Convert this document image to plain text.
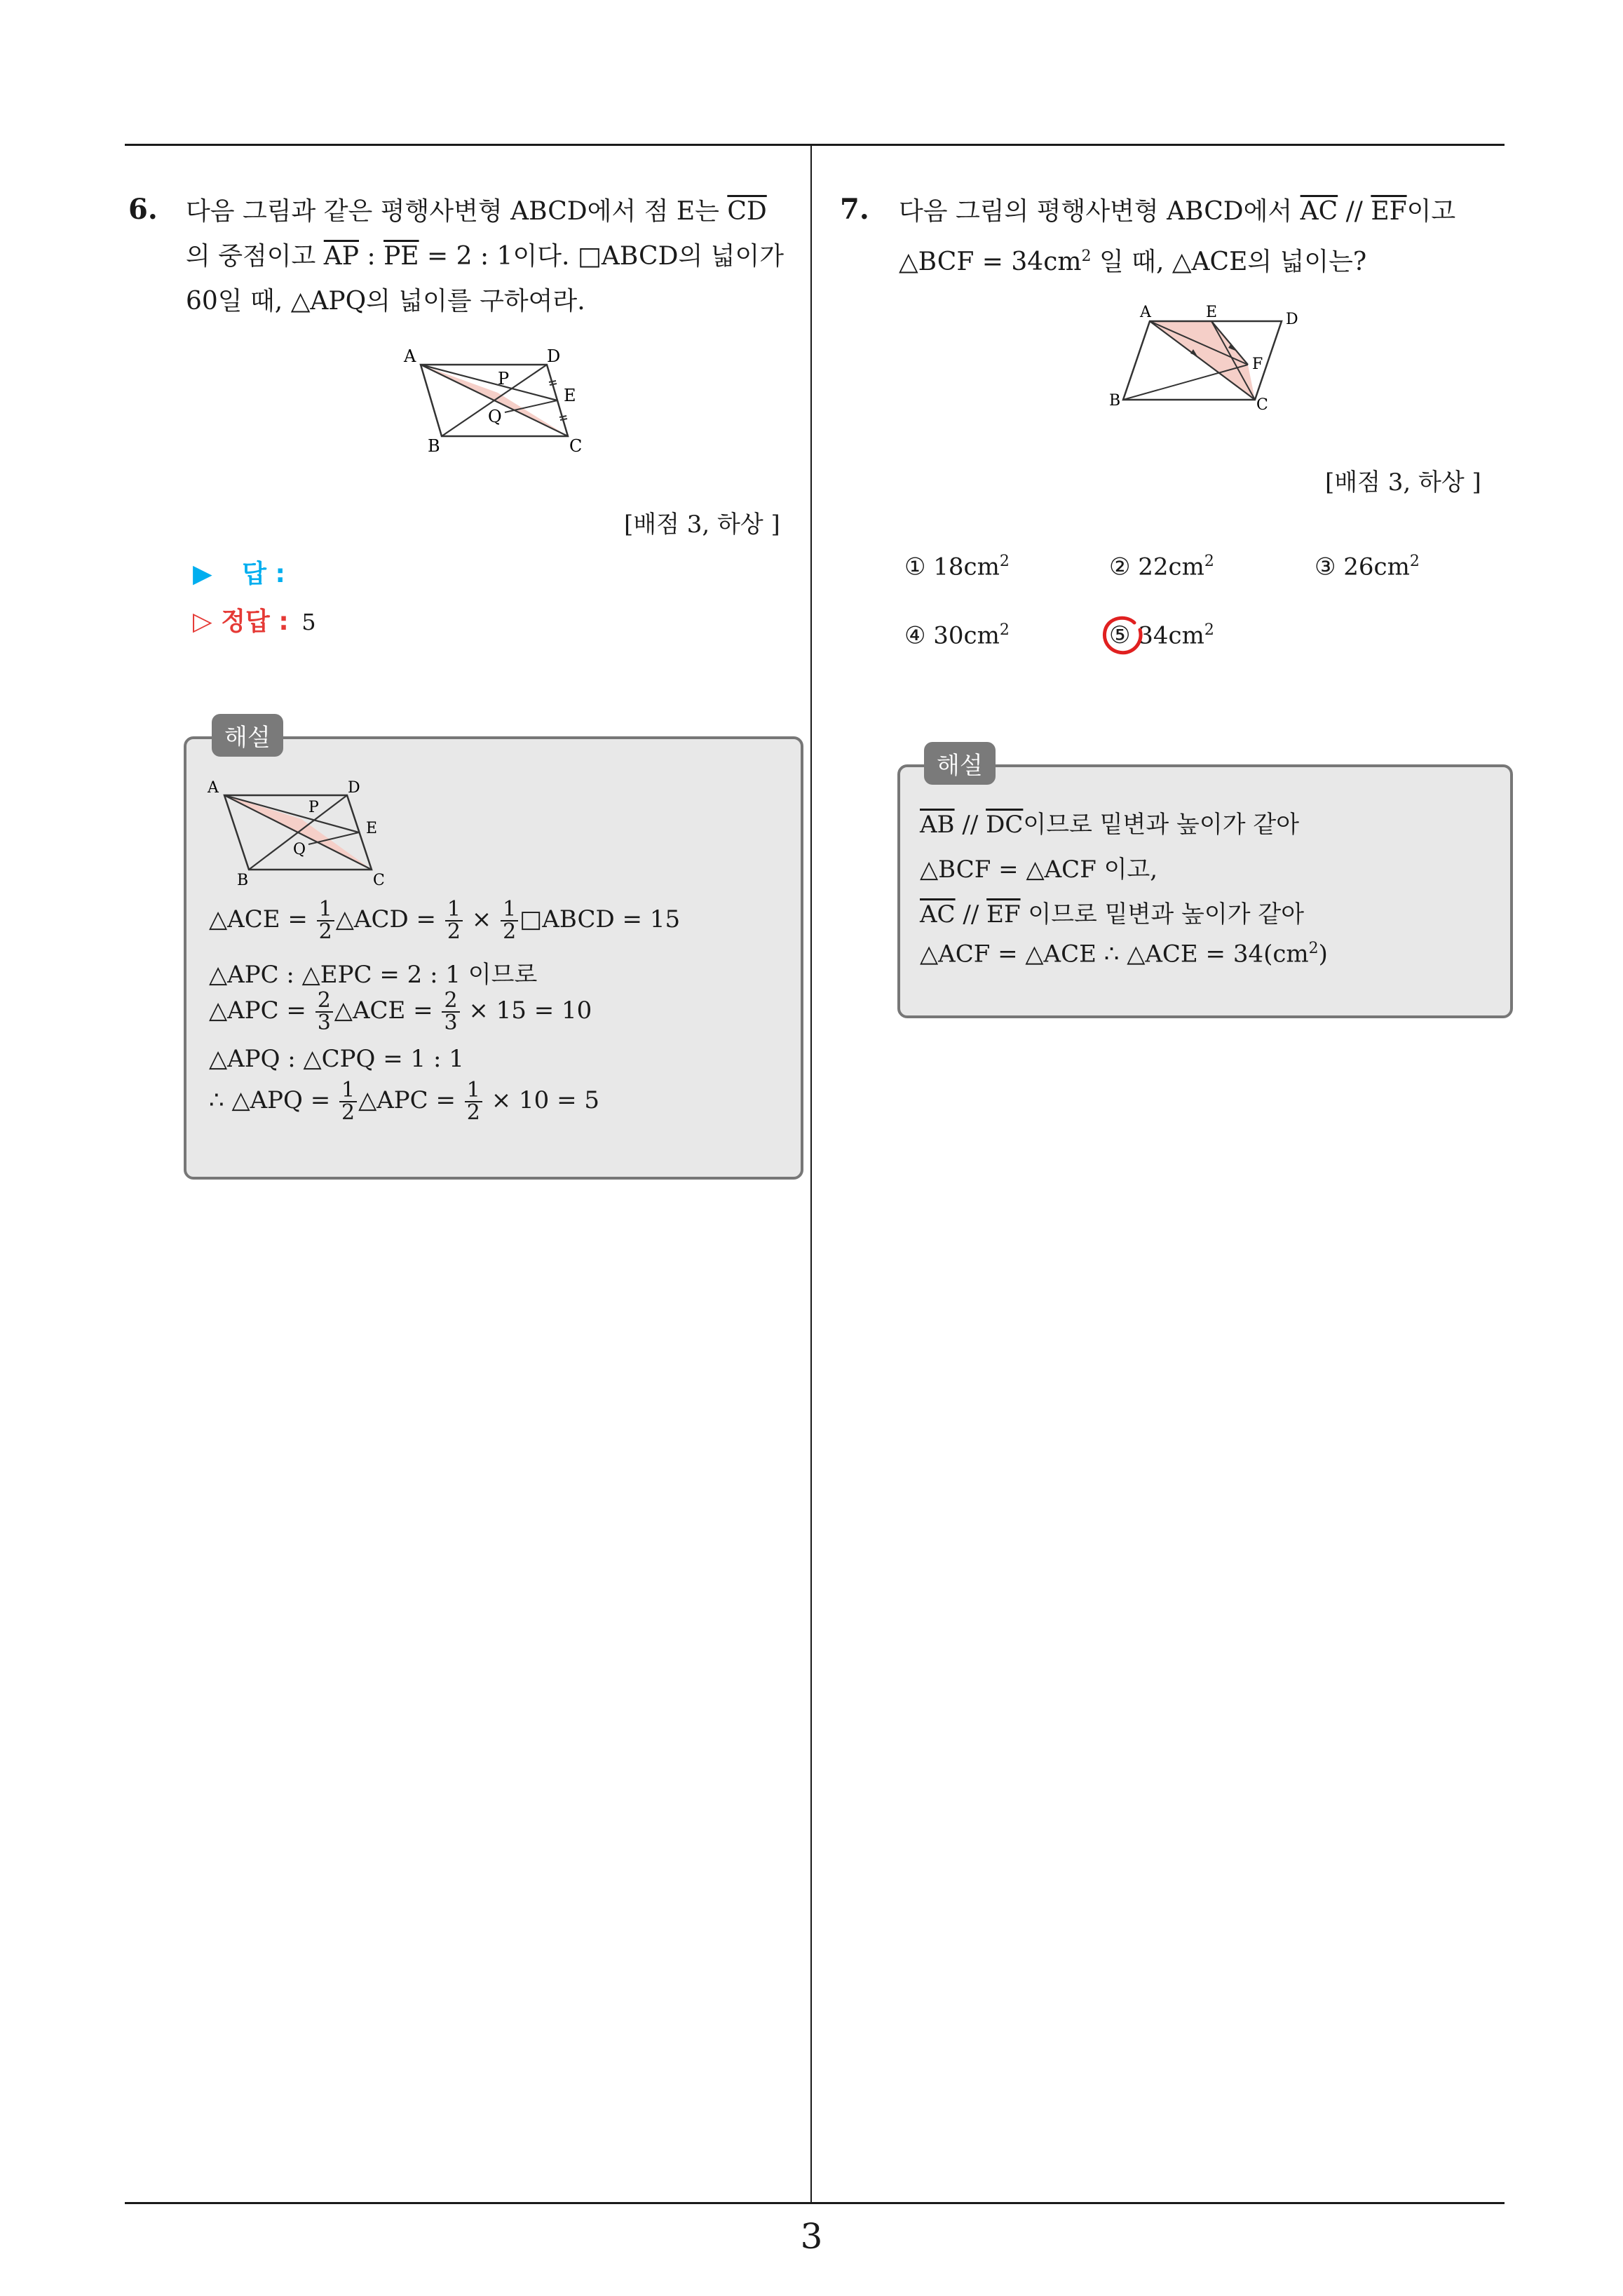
3
6. 다음 그림과 같은 평행사변형 ABCD에서 점 E는 $\overline{CD}$
의 중점이고 $\overline{AP}$ : $\overline{PE} = 2$ : 1이다. □ABCD의 넓이가
60일 때, △APQ의 넓이를 구하여라.
A	D
P
E
Q
B	C
[배점 3, 하상 ]
▶ 답 :
▷ 정답 : 5
해설
A	D
P
E
Q
B	C
△ACE = $\frac{1}{2}$ △ACD = $\frac{1}{2} \times \frac{1}{2}$ □ABCD = 15
△APC : △EPC = 2 : 1 이므로
△APC = $\frac{2}{3}$ △ACE = $\frac{2}{3} \times 15 = 10$
△APQ : △CPQ = 1 : 1
∴ △APQ = $\frac{1}{2}$ △APC = $\frac{1}{2} \times 10 = 5$
7. 다음 그림의 평행사변형 ABCD에서 $\overline{AC} // \overline{EF}$이고
△BCF = $34cm^2$ 일 때, △ACE의 넓이는?
A	E	D
F
B	C
[배점 3, 하상 ]
① $18cm^2$	② $22cm^2$	③ $26cm^2$
④ $30cm^2$	⑤ $34cm^2$
해설
$\overline{AB} // \overline{DC}$이므로 밑변과 높이가 같아
△BCF = △ACF 이고,
$\overline{AC} // \overline{EF}$ 이므로 밑변과 높이가 같아
△ACF = △ACE ∴ △ACE = $34(cm^2)$
